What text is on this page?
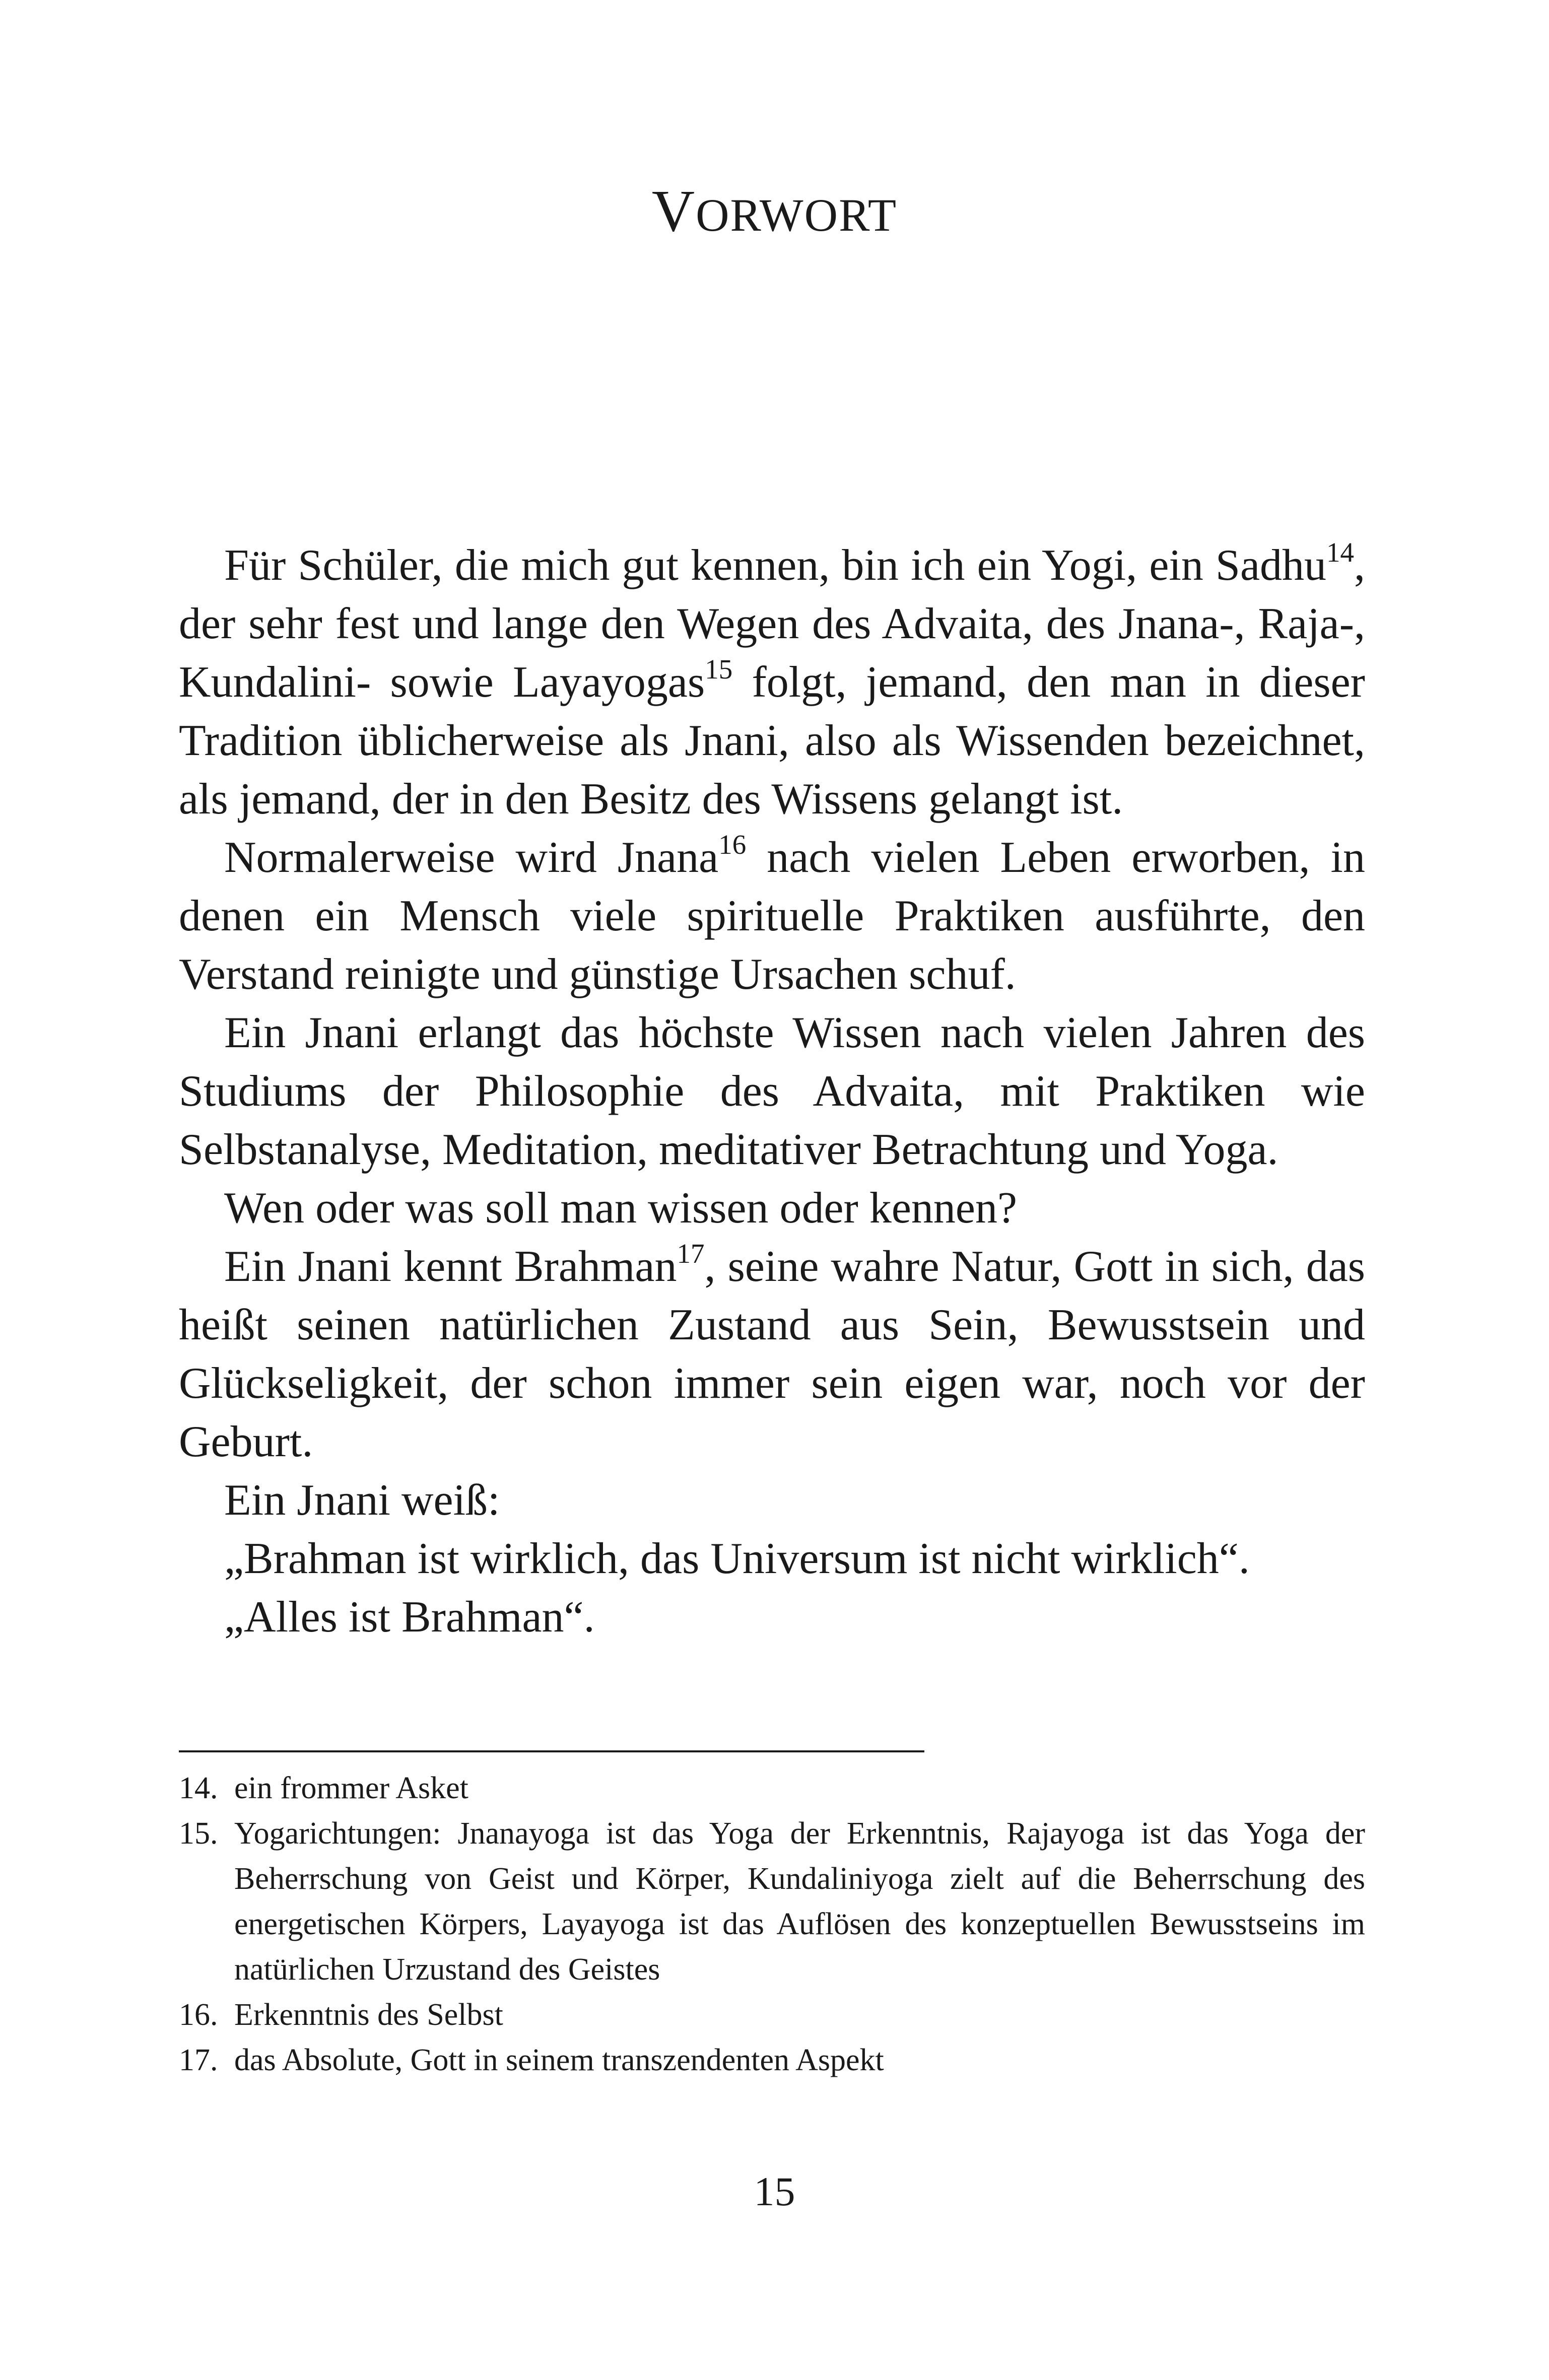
VORWORT

Für Schüler, die mich gut kennen, bin ich ein Yogi, ein Sadhu$^{14}$, der sehr fest und lange den Wegen des Advaita, des Jnana-, Raja-, Kundalini- sowie Layayogas$^{15}$ folgt, jemand, den man in dieser Tradition üblicherweise als Jnani, also als Wissenden bezeichnet, als jemand, der in den Besitz des Wissens gelangt ist.

Normalerweise wird Jnana$^{16}$ nach vielen Leben erworben, in denen ein Mensch viele spirituelle Praktiken ausführte, den Verstand reinigte und günstige Ursachen schuf.

Ein Jnani erlangt das höchste Wissen nach vielen Jahren des Studiums der Philosophie des Advaita, mit Praktiken wie Selbstanalyse, Meditation, meditativer Betrachtung und Yoga.

Wen oder was soll man wissen oder kennen?

Ein Jnani kennt Brahman$^{17}$, seine wahre Natur, Gott in sich, das heißt seinen natürlichen Zustand aus Sein, Bewusstsein und Glückseligkeit, der schon immer sein eigen war, noch vor der Geburt.

Ein Jnani weiß:

„Brahman ist wirklich, das Universum ist nicht wirklich“.

„Alles ist Brahman“.

14. ein frommer Asket
15. Yogarichtungen: Jnanayoga ist das Yoga der Erkenntnis, Rajayoga ist das Yoga der Beherrschung von Geist und Körper, Kundaliniyoga zielt auf die Beherrschung des energetischen Körpers, Layayoga ist das Auflösen des konzeptuellen Bewusstseins im natürlichen Urzustand des Geistes
16. Erkenntnis des Selbst
17. das Absolute, Gott in seinem transzendenten Aspekt
15
